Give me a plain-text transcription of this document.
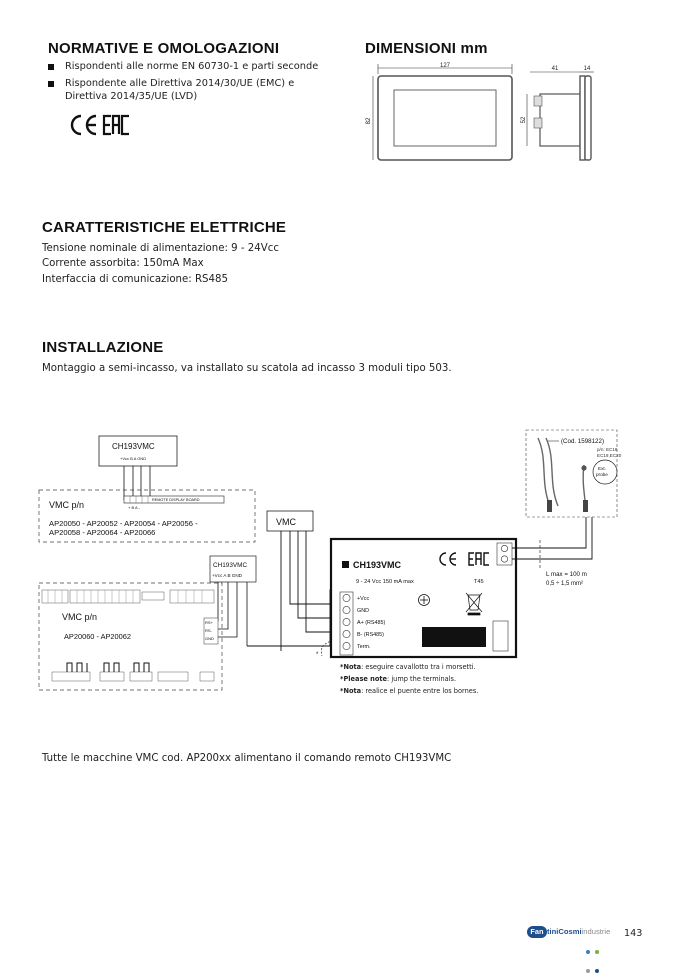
NORMATIVE E OMOLOGAZIONI
Rispondenti alle norme EN 60730-1 e parti seconde
Rispondente alle Direttiva 2014/30/UE (EMC) e Direttiva 2014/35/UE (LVD)
DIMENSIONI mm
127
82
41	14
52
CARATTERISTICHE ELETTRICHE
Tensione nominale di alimentazione: 9 - 24Vcc
Corrente assorbita: 150mA Max
Interfaccia di comunicazione: RS485
INSTALLAZIONE
Montaggio a semi-incasso, va installato su scatola ad incasso 3 moduli tipo 503.
CH193VMC
+Vcc B A GND
REMOTE DISPLAY BOARD
+ B A -
VMC p/n
AP20050 - AP20052 - AP20054 - AP20056 -
AP20058 - AP20064 - AP20066
VMC
CH193VMC
+Vcc A B GND
VMC p/n
AP20060 - AP20062
RS+
RS-
GND
*
CH193VMC
9 - 24 Vcc 150 mA max	T45
+Vcc
GND
A+ (RS485)
B- (RS485)
Term.
L max = 100 m
0,5 ÷ 1,5 mm²
(Cod. 1598122)
p/n: EC18
EC19,EC20
Ext.
probe
*Nota: eseguire cavallotto tra i morsetti.
*Please note: jump the terminals.
*Nota: realice el puente entre los bornes.
Tutte le macchine VMC cod. AP200xx alimentano il comando remoto CH193VMC
Fan tiniCosmiindustrie
143
